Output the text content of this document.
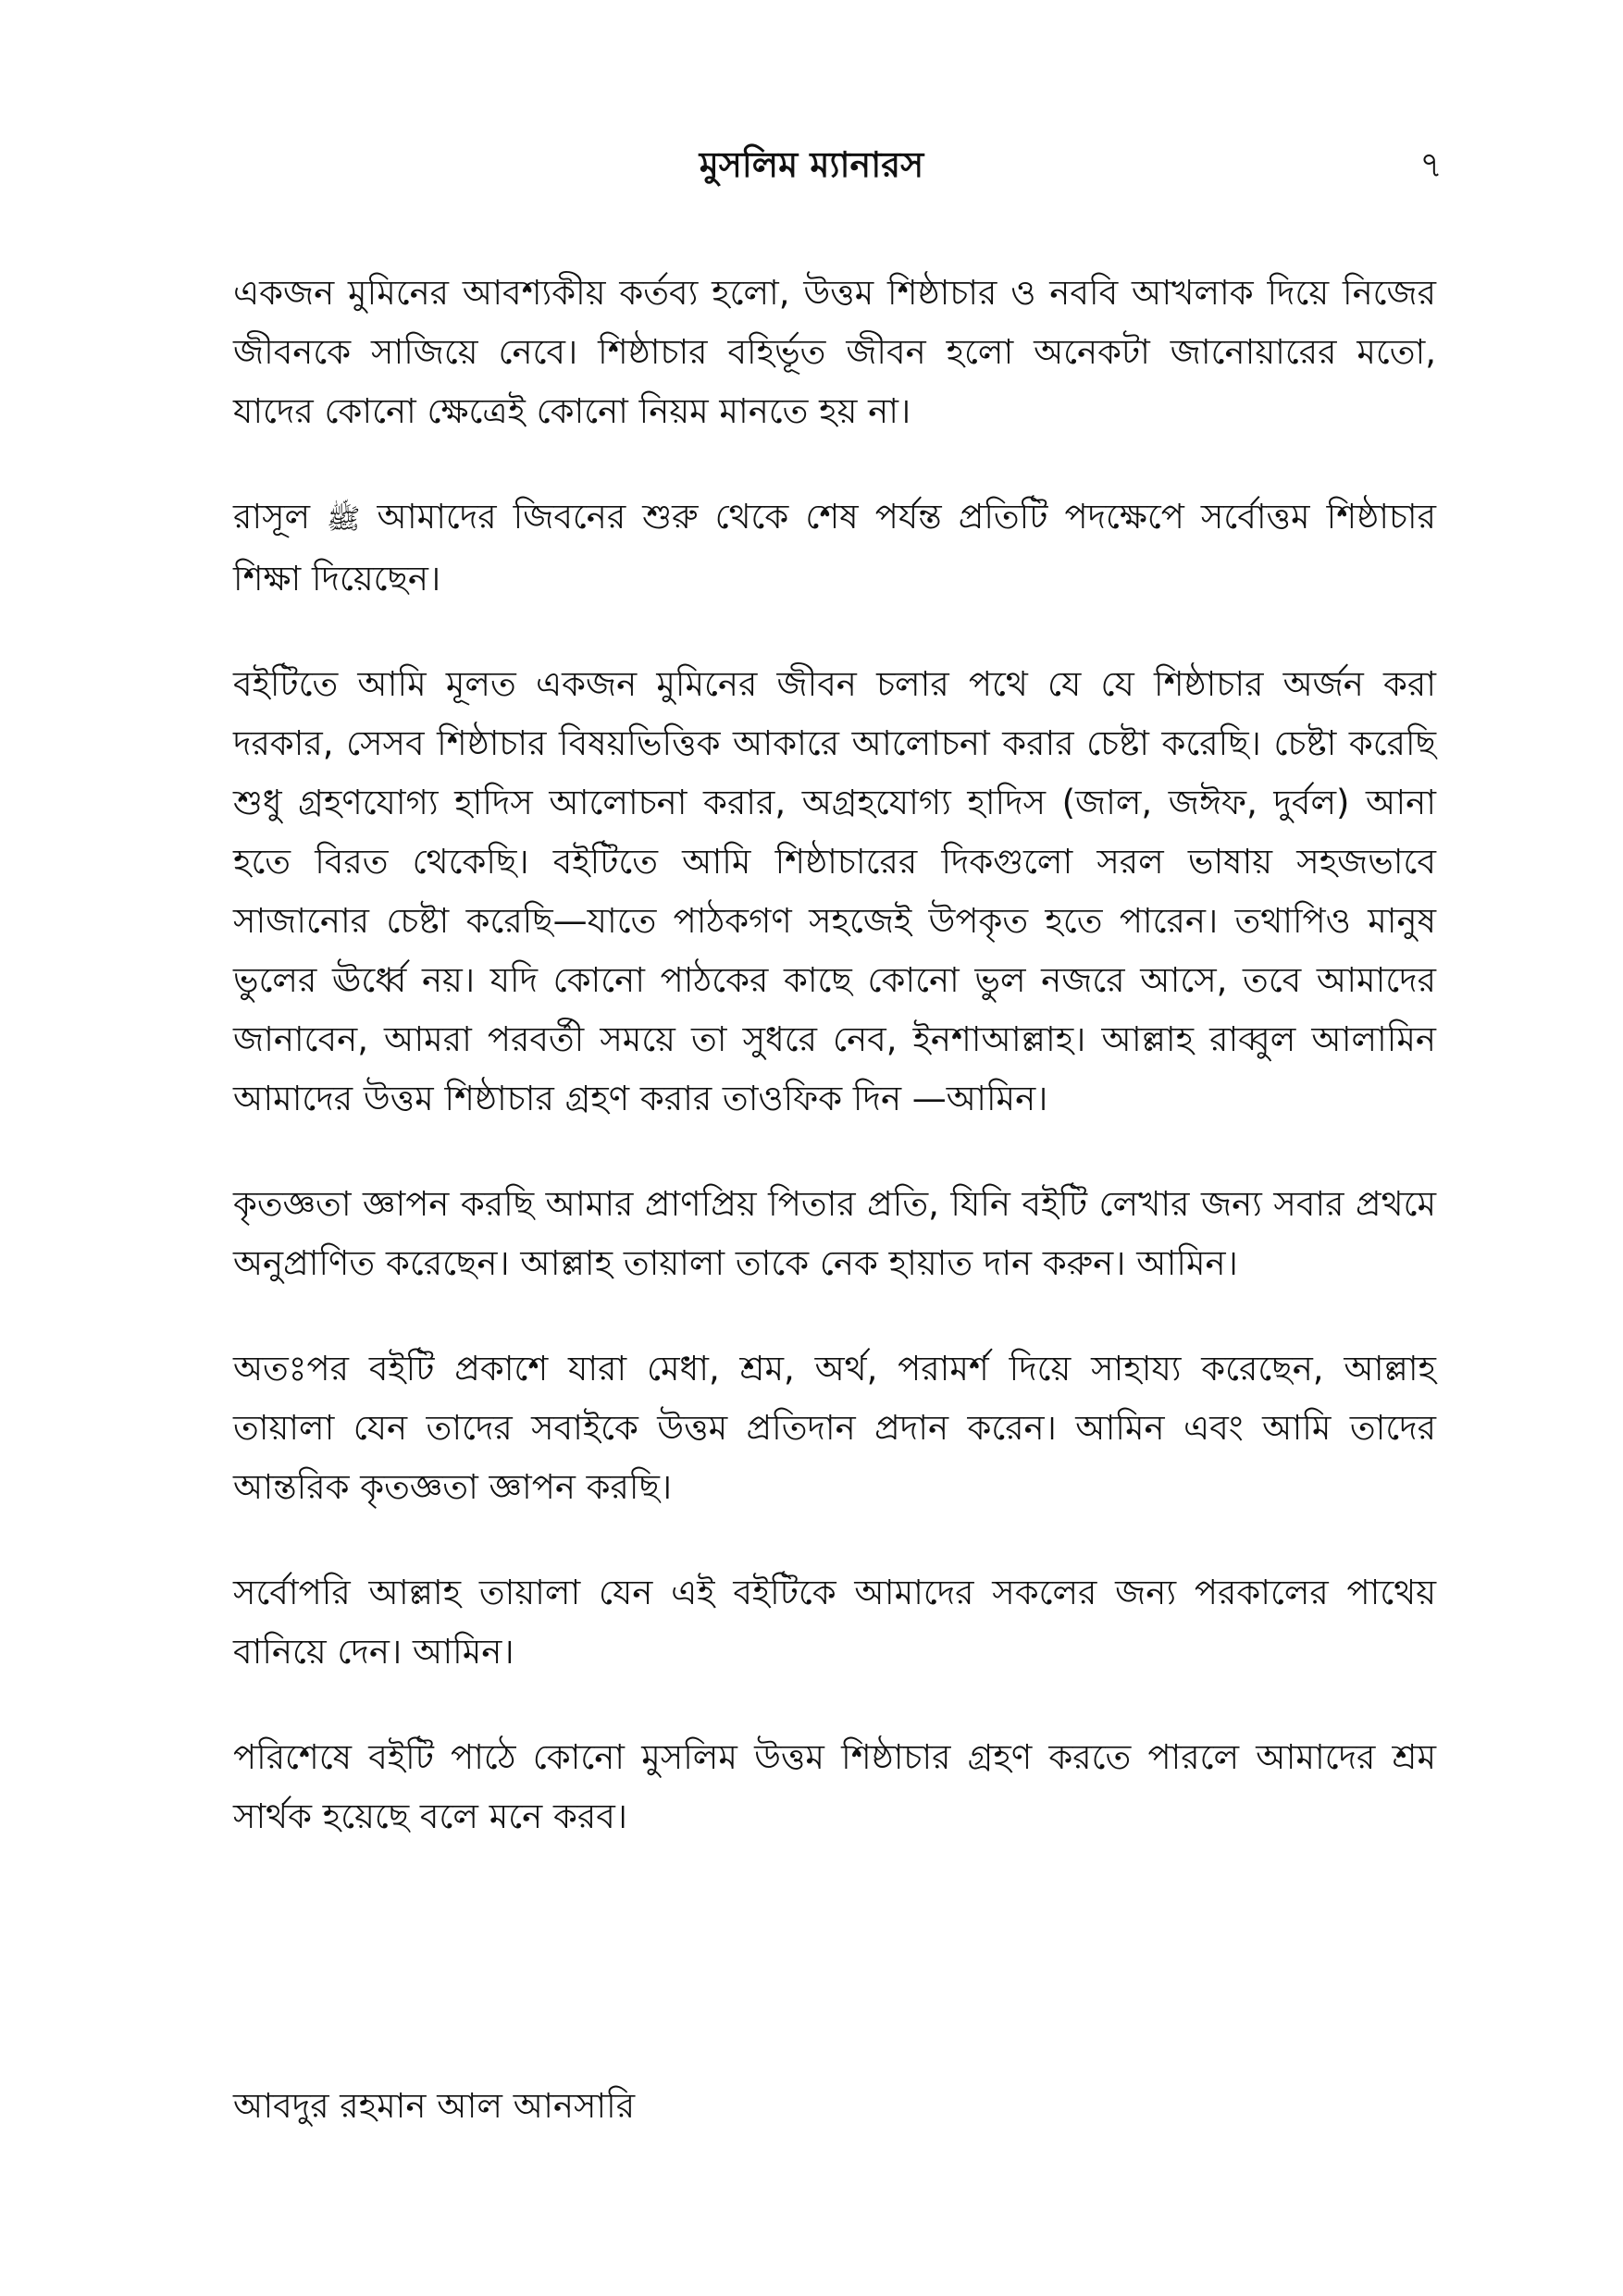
মুসলিম ম্যানারস	৭

একজন মুমিনের আবশ্যকীয় কর্তব্য হলো, উত্তম শিষ্ঠাচার ও নববি আখলাক দিয়ে নিজের জীবনকে সাজিয়ে নেবে। শিষ্ঠাচার বহির্ভূত জীবন হলো অনেকটা জানোয়ারের মতো, যাদের কোনো ক্ষেত্রেই কোনো নিয়ম মানতে হয় না।

রাসূল ﷺ আমাদের জিবনের শুরু থেকে শেষ পর্যন্ত প্রতিটি পদক্ষেপে সর্বোত্তম শিষ্ঠাচার শিক্ষা দিয়েছেন।

বইটিতে আমি মূলত একজন মুমিনের জীবন চলার পথে যে যে শিষ্ঠাচার অর্জন করা দরকার, সেসব শিষ্ঠাচার বিষয়ভিত্তিক আকারে আলোচনা করার চেষ্টা করেছি। চেষ্টা করেছি শুধু গ্রহণযোগ্য হাদিস আলোচনা করার, অগ্রহযোগ্য হাদিস (জাল, জঈফ, দুর্বল) আনা হতে বিরত থেকেছি। বইটিতে আমি শিষ্ঠাচারের দিকগুলো সরল ভাষায় সহজভাবে সাজানোর চেষ্টা করেছি—যাতে পাঠকগণ সহজেই উপকৃত হতে পারেন। তথাপিও মানুষ ভুলের ঊর্ধ্বে নয়। যদি কোনো পাঠকের কাছে কোনো ভুল নজরে আসে, তবে আমাদের জানাবেন, আমরা পরবর্তী সময়ে তা সুধরে নেব, ইনশাআল্লাহ। আল্লাহ রাব্বুল আলামিন আমাদের উত্তম শিষ্ঠাচার গ্রহণ করার তাওফিক দিন —আমিন।

কৃতজ্ঞতা জ্ঞাপন করছি আমার প্রাণপ্রিয় পিতার প্রতি, যিনি বইটি লেখার জন্য সবার প্রথমে অনুপ্রাণিত করেছেন। আল্লাহ তায়ালা তাকে নেক হায়াত দান করুন। আমিন।

অতঃপর বইটি প্রকাশে যারা মেধা, শ্রম, অর্থ, পরামর্শ দিয়ে সাহায্য করেছেন, আল্লাহ তায়ালা যেন তাদের সবাইকে উত্তম প্রতিদান প্রদান করেন। আমিন এবং আমি তাদের আন্তরিক কৃতজ্ঞতা জ্ঞাপন করছি।

সর্বোপরি আল্লাহ তায়ালা যেন এই বইটিকে আমাদের সকলের জন্য পরকালের পাথেয় বানিয়ে দেন। আমিন।

পরিশেষে বইটি পাঠে কোনো মুসলিম উত্তম শিষ্ঠাচার গ্রহণ করতে পারলে আমাদের শ্রম সার্থক হয়েছে বলে মনে করব।

আবদুর রহমান আল আনসারি
